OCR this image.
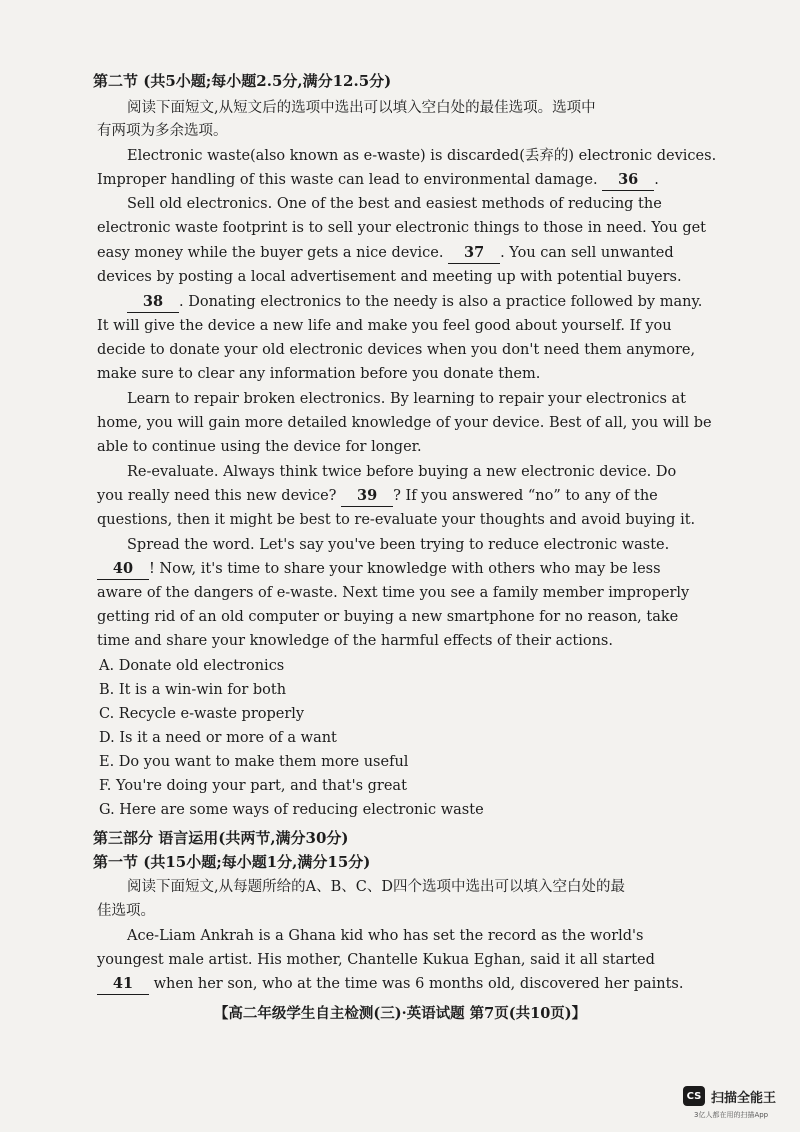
第二节 (共5小题;每小题2.5分,满分12.5分)
阅读下面短文,从短文后的选项中选出可以填入空白处的最佳选项。选项中
有两项为多余选项。
Electronic waste(also known as e-waste) is discarded(丢弃的) electronic devices.
Improper handling of this waste can lead to environmental damage. 36 .
Sell old electronics. One of the best and easiest methods of reducing the
electronic waste footprint is to sell your electronic things to those in need. You get
easy money while the buyer gets a nice device. 37 . You can sell unwanted
devices by posting a local advertisement and meeting up with potential buyers.
38 . Donating electronics to the needy is also a practice followed by many.
It will give the device a new life and make you feel good about yourself. If you
decide to donate your old electronic devices when you don't need them anymore,
make sure to clear any information before you donate them.
Learn to repair broken electronics. By learning to repair your electronics at
home, you will gain more detailed knowledge of your device. Best of all, you will be
able to continue using the device for longer.
Re-evaluate. Always think twice before buying a new electronic device. Do
you really need this new device? 39 ? If you answered “no” to any of the
questions, then it might be best to re-evaluate your thoughts and avoid buying it.
Spread the word. Let's say you've been trying to reduce electronic waste.
40 ! Now, it's time to share your knowledge with others who may be less
aware of the dangers of e-waste. Next time you see a family member improperly
getting rid of an old computer or buying a new smartphone for no reason, take
time and share your knowledge of the harmful effects of their actions.
A. Donate old electronics
B. It is a win-win for both
C. Recycle e-waste properly
D. Is it a need or more of a want
E. Do you want to make them more useful
F. You're doing your part, and that's great
G. Here are some ways of reducing electronic waste
第三部分 语言运用(共两节,满分30分)
第一节 (共15小题;每小题1分,满分15分)
阅读下面短文,从每题所给的A、B、C、D四个选项中选出可以填入空白处的最
佳选项。
Ace-Liam Ankrah is a Ghana kid who has set the record as the world's
youngest male artist. His mother, Chantelle Kukua Eghan, said it all started
41 when her son, who at the time was 6 months old, discovered her paints.
【高二年级学生自主检测(三)·英语试题 第7页(共10页)】
CS 扫描全能王
3亿人都在用的扫描App
